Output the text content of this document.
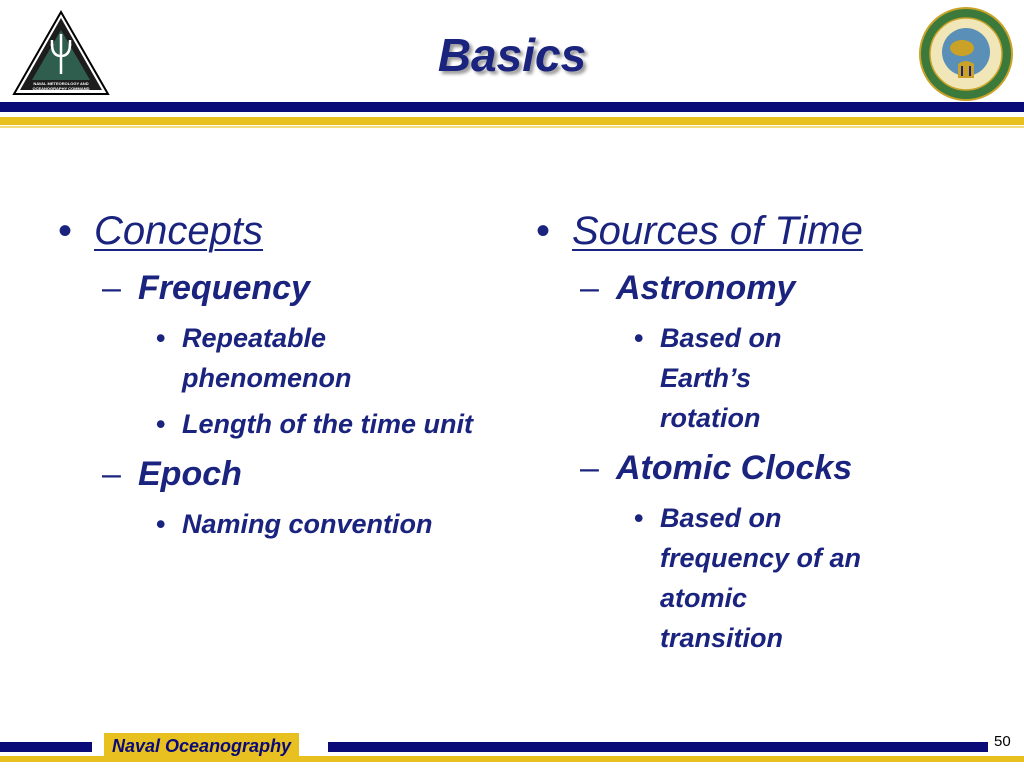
NAVAL METEOROLOGY AND
OCEANOGRAPHY COMMAND
Basics
• Concepts
– Frequency
• Repeatable phenomenon
• Length of the time unit
– Epoch
• Naming convention
• Sources of Time
– Astronomy
• Based on Earth’s rotation
– Atomic Clocks
• Based on frequency of an atomic transition
Naval Oceanography	50
